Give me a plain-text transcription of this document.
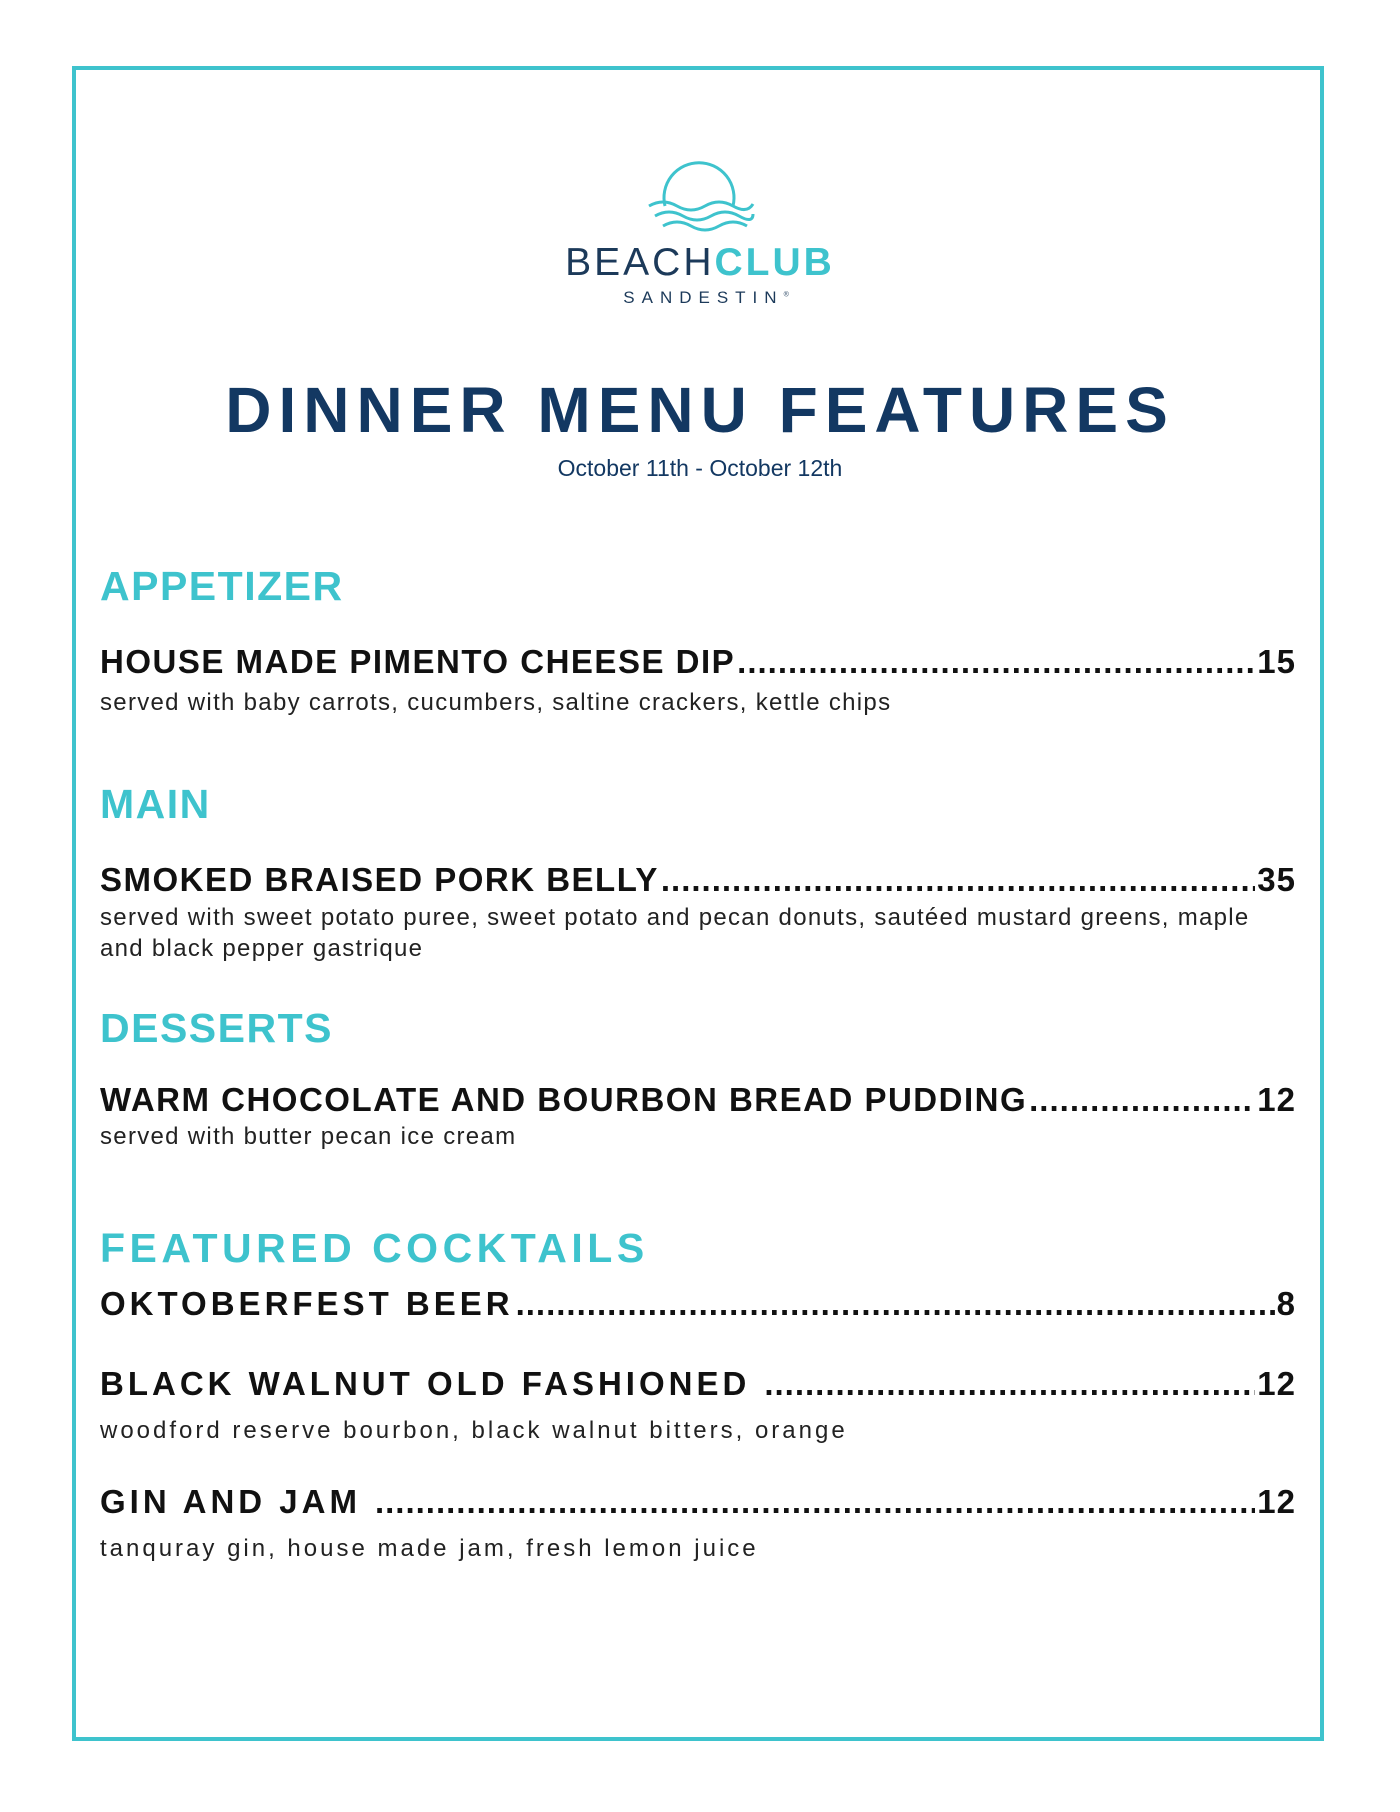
BEACHCLUB
SANDESTIN®
DINNER MENU FEATURES
October 11th - October 12th
APPETIZER
HOUSE MADE PIMENTO CHEESE DIP .....	15
served with baby carrots, cucumbers, saltine crackers, kettle chips
MAIN
SMOKED BRAISED PORK BELLY .....	35
served with sweet potato puree, sweet potato and pecan donuts, sautéed mustard greens, maple and black pepper gastrique
DESSERTS
WARM CHOCOLATE AND BOURBON BREAD PUDDING .....	12
served with butter pecan ice cream
FEATURED COCKTAILS
OKTOBERFEST BEER .....	8
BLACK WALNUT OLD FASHIONED .....	12
woodford reserve bourbon, black walnut bitters, orange
GIN AND JAM .....	12
tanquray gin, house made jam, fresh lemon juice
